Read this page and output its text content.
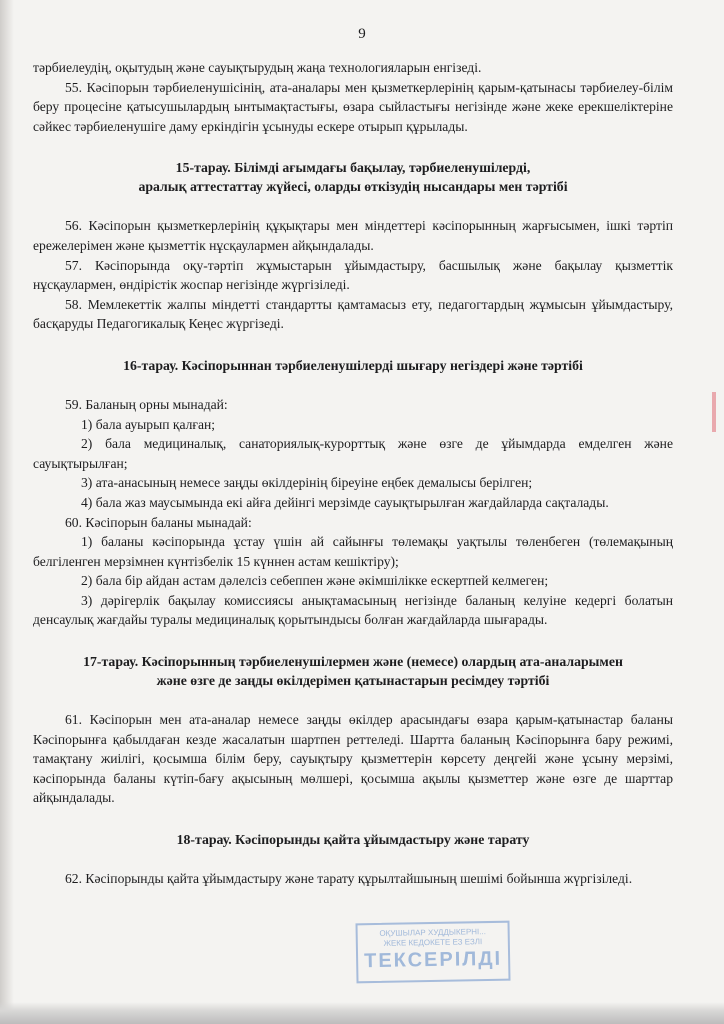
9

тәрбиелеудің, оқытудың және сауықтырудың жаңа технологияларын енгізеді.

55. Кәсіпорын тәрбиеленушісінің, ата-аналары мен қызметкерлерінің қарым-қатынасы тәрбиелеу-білім беру процесіне қатысушылардың ынтымақтастығы, өзара сыйластығы негізінде және жеке ерекшеліктеріне сәйкес тәрбиеленушіге даму еркіндігін ұсынуды ескере отырып құрылады.

15-тарау. Білімді ағымдағы бақылау, тәрбиеленушілерді,
аралық аттестаттау жүйесі, оларды өткізудің нысандары мен тәртібі

56. Кәсіпорын қызметкерлерінің құқықтары мен міндеттері кәсіпорынның жарғысымен, ішкі тәртіп ережелерімен және қызметтік нұсқаулармен айқындалады.

57. Кәсіпорында оқу-тәртіп жұмыстарын ұйымдастыру, басшылық және бақылау қызметтік нұсқаулармен, өндірістік жоспар негізінде жүргізіледі.

58. Мемлекеттік жалпы міндетті стандартты қамтамасыз ету, педагогтардың жұмысын ұйымдастыру, басқаруды Педагогикалық Кеңес жүргізеді.

16-тарау. Кәсіпорыннан тәрбиеленушілерді шығару негіздері және тәртібі

59. Баланың орны мынадай:

1) бала ауырып қалған;

2) бала медициналық, санаториялық-курорттық және өзге де ұйымдарда емделген және сауықтырылған;

3) ата-анасының немесе заңды өкілдерінің біреуіне еңбек демалысы берілген;

4) бала жаз маусымында екі айға дейінгі мерзімде сауықтырылған жағдайларда сақталады.

60. Кәсіпорын баланы мынадай:

1) баланы кәсіпорында ұстау үшін ай сайынғы төлемақы уақтылы төленбеген (төлемақының белгіленген мерзімнен күнтізбелік 15 күннен астам кешіктіру);

2) бала бір айдан астам дәлелсіз себеппен және әкімшілікке ескертпей келмеген;

3) дәрігерлік бақылау комиссиясы анықтамасының негізінде баланың келуіне кедергі болатын денсаулық жағдайы туралы медициналық қорытындысы болған жағдайларда шығарады.

17-тарау. Кәсіпорынның тәрбиеленушілермен және (немесе) олардың ата-аналарымен
және өзге де заңды өкілдерімен қатынастарын ресімдеу тәртібі

61. Кәсіпорын мен ата-аналар немесе заңды өкілдер арасындағы өзара қарым-қатынастар баланы Кәсіпорынға қабылдаған кезде жасалатын шартпен реттеледі. Шартта баланың Кәсіпорынға бару режимі, тамақтану жиілігі, қосымша білім беру, сауықтыру қызметтерін көрсету деңгейі және ұсыну мерзімі, кәсіпорында баланы күтіп-бағу ақысының мөлшері, қосымша ақылы қызметтер және өзге де шарттар айқындалады.

18-тарау. Кәсіпорынды қайта ұйымдастыру және тарату

62. Кәсіпорынды қайта ұйымдастыру және тарату құрылтайшының шешімі бойынша жүргізіледі.

ОҚУШЫЛАР ХУДДЫКЕРНІ...
ЖЕКЕ КЕДОКЕТЕ ЕЗ ЕЗЛІ
ТЕКСЕРІЛДІ
